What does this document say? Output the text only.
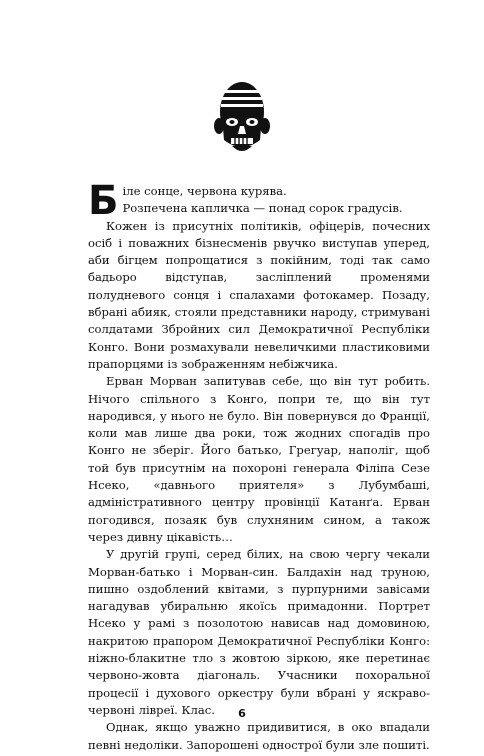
Біле сонце, червона курява.

Розпечена капличка — понад сорок градусів.

Кожен із присутніх політиків, офіцерів, почесних осіб і поважних бізнесменів рвучко виступав уперед, аби бігцем попрощатися з покійним, тоді так само бадьоро відступав, засліплений променями полудневого сонця і спалахами фотокамер. Позаду, вбрані абияк, стояли представники народу, стримувані солдатами Збройних сил Демократичної Республіки Конго. Вони розмахували невеличкими пластиковими прапорцями із зображенням небіжчика.

Ерван Морван запитував себе, що він тут робить. Нічого спільного з Конго, попри те, що він тут народився, у нього не було. Він повернувся до Франції, коли мав лише два роки, тож жодних спогадів про Конго не зберіг. Його батько, Грегуар, наполіг, щоб той був присутнім на похороні генерала Філіпа Сезе Нсеко, «давнього приятеля» з Лубумбаші, адміністративного центру провінції Катанґа. Ерван погодився, позаяк був слухняним сином, а також через дивну цікавість…

У другій групі, серед білих, на свою чергу чекали Морван-батько і Морван-син. Балдахін над труною, пишно оздоблений квітами, з пурпурними завісами нагадував убиральню якоїсь примадонни. Портрет Нсеко у рамі з позолотою нависав над домовиною, накритою прапором Демократичної Республіки Конго: ніжно-блакитне тло з жовтою зіркою, яке перетинає червоно-жовта діагональ. Учасники похоральної процесії і духового оркестру були вбрані у яскраво-червоні лівреї. Клас.

Однак, якщо уважно придивитися, в око впадали певні недоліки. Запорошені однострої були зле пошиті.

6
